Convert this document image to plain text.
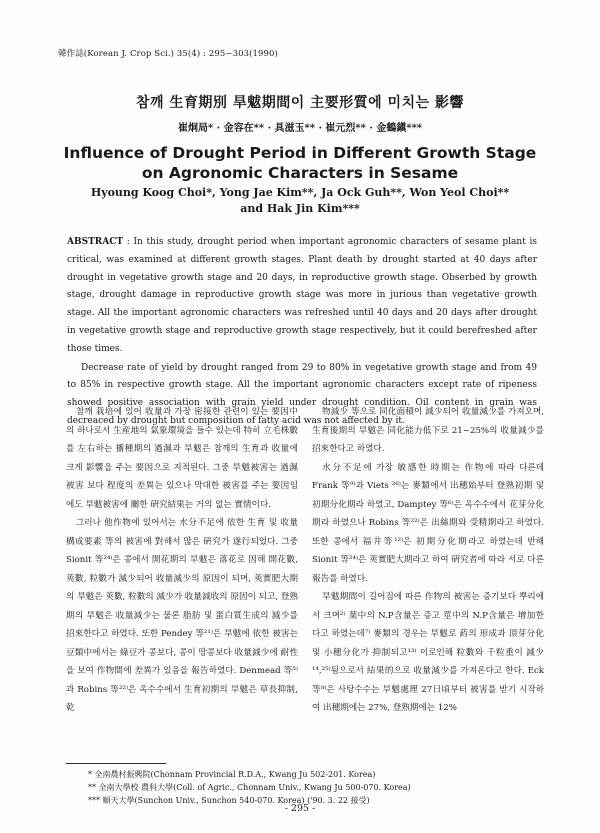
韓作誌(Korean J. Crop Sci.) 35(4) : 295~303(1990)
참깨 生育期別 旱魃期間이 主要形質에 미치는 影響
崔炯局* · 金容在** · 具滋玉** · 崔元烈** · 金鶴鎭***
Influence of Drought Period in Different Growth Stage
on Agronomic Characters in Sesame
Hyoung Koog Choi*, Yong Jae Kim**, Ja Ock Guh**, Won Yeol Choi**
and Hak Jin Kim***

ABSTRACT : In this study, drought period when important agronomic characters of sesame plant is critical, was examined at different growth stages. Plant death by drought started at 40 days after drought in vegetative growth stage and 20 days, in reproductive growth stage. Obserbed by growth stage, drought damage in reproductive growth stage was more in jurious than vegetative growth stage. All the important agronomic characters was refreshed until 40 days and 20 days after drought in vegetative growth stage and reproductive growth stage respectively, but it could berefreshed after those times.

Decrease rate of yield by drought ranged from 29 to 80% in vegetative growth stage and from 49 to 85% in respective growth stage. All the important agronomic characters except rate of ripeness showed positive association with grain yield under drought condition. Oil content in grain was decreaced by drought but composition of fatty acid was not affected by it.

참깨 栽培에 있어 收量과 가장 密接한 관련이 있는 要因中의 하나로서 生産地의 氣象環境을 들수 있는데 特히 立毛株數를 左右하는 播種期의 過濕과 旱魃은 참깨의 生育과 收量에 크게 影響을 주는 要因으로 지적된다. 그중 旱魃被害는 過濕被害 보다 程度의 差異는 있으나 막대한 被害를 주는 要因임에도 旱魃被害에 關한 硏究結果는 거의 없는 實情이다.

그러나 他作物에 있어서는 水分不足에 依한 生育 및 收量構成要素 等의 被害에 對해서 많은 硏究가 遂行되었다. 그중 Sionit 等²⁴⁾은 콩에서 開花期의 旱魃은 落花로 因해 開花數, 莢數, 粒數가 減少되어 收量減少의 原因이 되며, 莢實肥大期의 旱魃은 莢數, 粒數의 減少가 收量減收의 原因이 되고, 登熟期의 旱魃은 收量減少는 물론 脂肪 및 蛋白質生成의 減少를 招來한다고 하였다. 또한 Pendey 等²¹⁾은 旱魃에 依한 被害는 豆類中에서는 綠豆가 콩보다, 콩이 땅콩보다 收量減少에 耐性을 보여 作物間에 差異가 있음을 報告하였다. Denmead 等⁵⁾과 Robins 等²²⁾은 옥수수에서 生育初期의 旱魃은 草長抑制, 乾

物減少 等으로 同化面積이 減少되어 收量減少를 가져오며, 生育後期의 旱魃은 同化能力低下로 21~25%의 收量減少를 招來한다고 하였다.

水分不足에 가장 敏感한 時期는 作物에 따라 다른데 Frank 等⁹⁾과 Viets ²⁶⁾는 麥類에서 出穗始부터 登熟初期 및 初期分化期라 하였고, Damptey 等⁶⁾은 옥수수에서 花芽分化期라 하였으나 Robins 等²²⁾은 出絲期와 受精期라고 하였다. 또한 콩에서 福井等¹²⁾은 初期分化期라고 하였는데 반해 Sionit 等²⁴⁾은 莢實肥大期라고 하여 硏究者에 따라 서로 다른 報告를 하였다.

旱魃期間이 길어짐에 따른 作物의 被害는 증기보다 뿌리에서 크며²⁾ 葉中의 N.P含量은 증고 莖中의 N.P含量은 增加한다고 하였는데⁷⁾ 麥類의 경우는 旱魃로 葯의 形成과 頂芽分化 및 小穗分化가 抑制되고¹³⁾ 이로인해 粒數와 千粒重이 減少 ¹⁴,²⁵⁾됨으로서 結果的으로 收量減少를 가져온다고 한다. Eck 等⁸⁾은 사탕수수는 旱魃處理 27日頃부터 被害를 받기 시작하여 出穗期에는 27%, 登熟期에는 12%

* 全南農村振興院(Chonnam Provincial R.D.A., Kwang Ju 502-201. Korea)
** 全南大學校 農科大學(Coll. of Agric., Chonnam Univ., Kwang Ju 500-070. Korea)
*** 順天大學(Sunchon Univ., Sunchon 540-070. Korea) ('90. 3. 22 接受)
- 295 -
